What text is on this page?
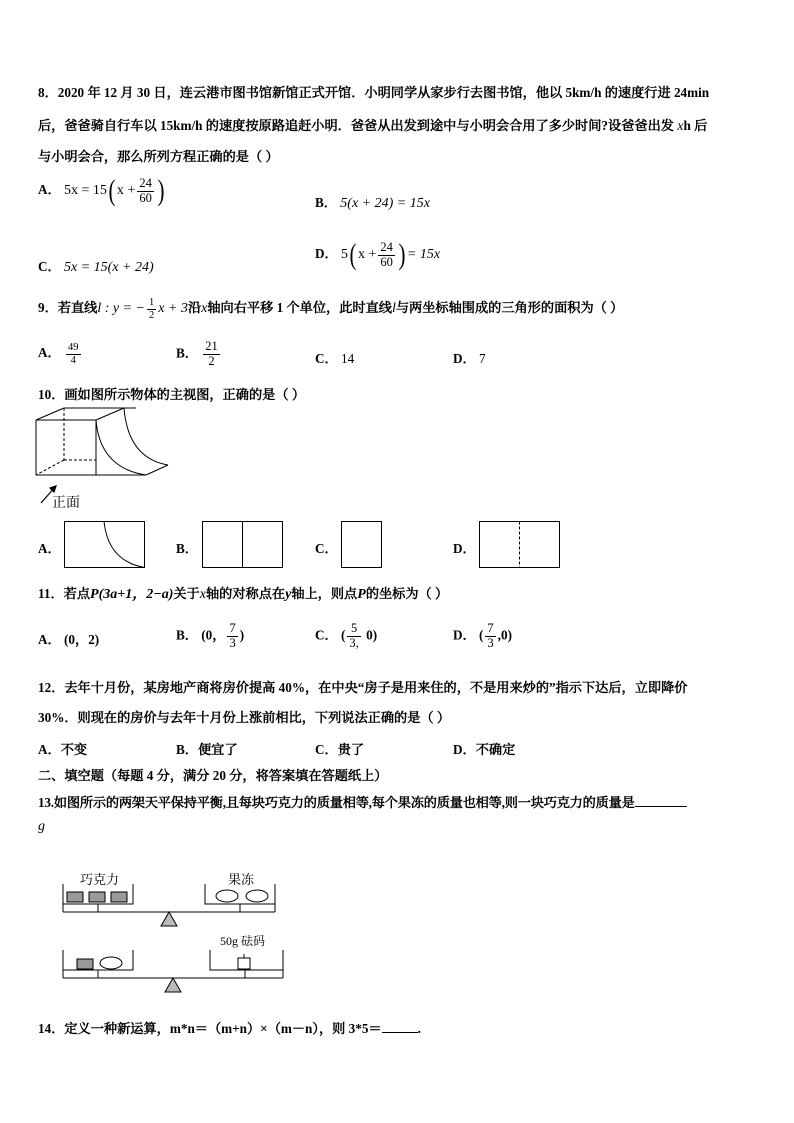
8．2020 年 12 月 30 日，连云港市图书馆新馆正式开馆．小明同学从家步行去图书馆，他以 5km/h 的速度行进 24min
后，爸爸骑自行车以 15km/h 的速度按原路追赶小明．爸爸从出发到途中与小明会合用了多少时间?设爸爸出发 xh 后
与小明会合，那么所列方程正确的是（ ）
A． 5x = 15( $x + \frac{24}{60}$ )	B． 5(x + 24) = 15x
C． 5x = 15(x + 24)
D． 5( $x + \frac{24}{60}$ ) = 15x
9．若直线l : y = − $\frac{1}{2}$ x + 3沿x轴向右平移 1 个单位，此时直线l与两坐标轴围成的三角形的面积为（ ）
A． $\frac{49}{4}$	B． $\frac{21}{2}$	C． 14	D． 7
10．画如图所示物体的主视图，正确的是（ ）
正面
A．	B．	C．	D．
11．若点P(3a+1，2−a)关于x轴的对称点在y轴上，则点P的坐标为（ ）
A． (0，2)	B． (0， $\frac{7}{3}$ )	C． ( $\frac{5}{3,} 0$)	D． ( $\frac{7}{3} ,0$)
12．去年十月份，某房地产商将房价提高 40%，在中央“房子是用来住的，不是用来炒的”指示下达后，立即降价
30%．则现在的房价与去年十月份上涨前相比，下列说法正确的是（ ）
A．不变	B．便宜了	C．贵了	D．不确定
二、填空题（每题 4 分，满分 20 分，将答案填在答题纸上）
13.如图所示的两架天平保持平衡,且每块巧克力的质量相等,每个果冻的质量也相等,则一块巧克力的质量是
g
巧克力	果冻
50g 砝码
14．定义一种新运算，m*n＝（m+n）×（m－n），则 3*5＝	.
